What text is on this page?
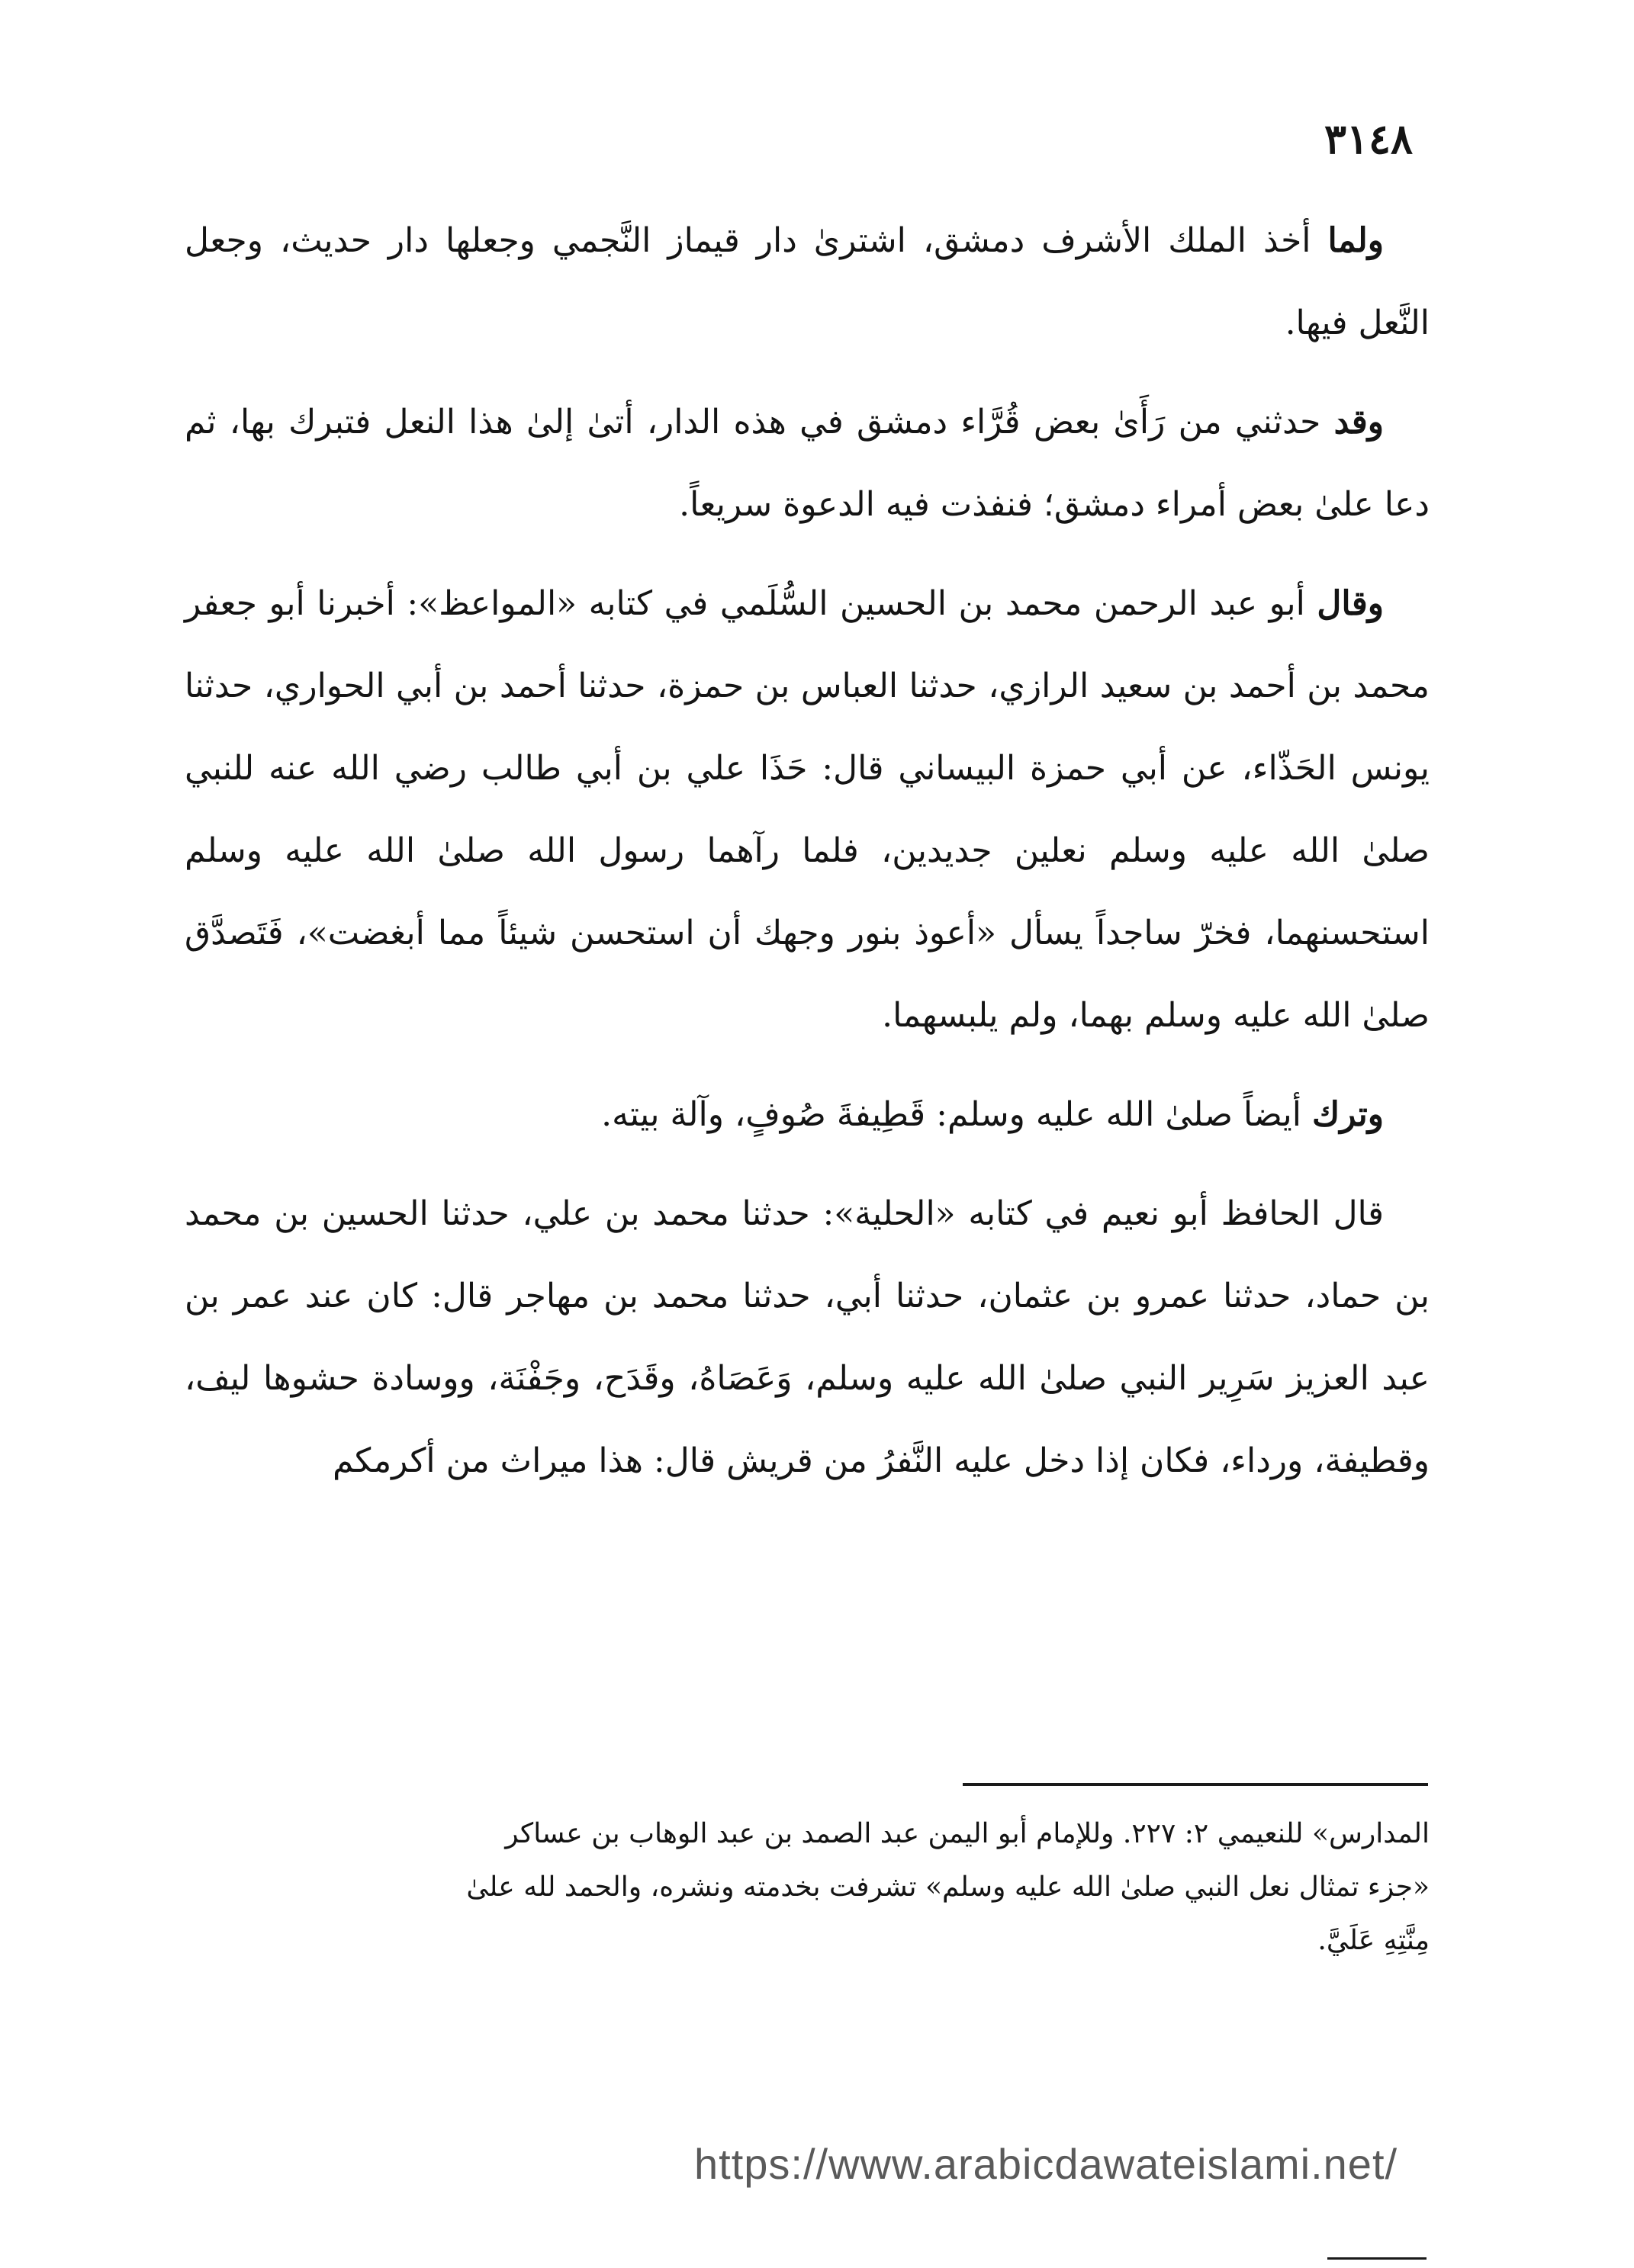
٣١٤٨

ولما أخذ الملك الأشرف دمشق، اشترىٰ دار قيماز النَّجمي وجعلها دار حديث، وجعل النَّعل فيها.

وقد حدثني من رَأَىٰ بعض قُرَّاء دمشق في هذه الدار، أتىٰ إلىٰ هذا النعل فتبرك بها، ثم دعا علىٰ بعض أمراء دمشق؛ فنفذت فيه الدعوة سريعاً.

وقال أبو عبد الرحمن محمد بن الحسين السُّلَمي في كتابه «المواعظ»: أخبرنا أبو جعفر محمد بن أحمد بن سعيد الرازي، حدثنا العباس بن حمزة، حدثنا أحمد بن أبي الحواري، حدثنا يونس الحَذّاء، عن أبي حمزة البيساني قال: حَذَا علي بن أبي طالب رضي الله عنه للنبي صلىٰ الله عليه وسلم نعلين جديدين، فلما رآهما رسول الله صلىٰ الله عليه وسلم استحسنهما، فخرّ ساجداً يسأل «أعوذ بنور وجهك أن استحسن شيئاً مما أبغضت»، فَتَصدَّق صلىٰ الله عليه وسلم بهما، ولم يلبسهما.

وترك أيضاً صلىٰ الله عليه وسلم: قَطِيفةَ صُوفٍ، وآلة بيته.

قال الحافظ أبو نعيم في كتابه «الحلية»: حدثنا محمد بن علي، حدثنا الحسين بن محمد بن حماد، حدثنا عمرو بن عثمان، حدثنا أبي، حدثنا محمد بن مهاجر قال: كان عند عمر بن عبد العزيز سَرِير النبي صلىٰ الله عليه وسلم، وَعَصَاهُ، وقَدَح، وجَفْنَة، ووسادة حشوها ليف، وقطيفة، ورداء، فكان إذا دخل عليه النَّفرُ من قريش قال: هذا ميراث من أكرمكم

المدارس» للنعيمي ٢: ٢٢٧. وللإمام أبو اليمن عبد الصمد بن عبد الوهاب بن عساكر

«جزء تمثال نعل النبي صلىٰ الله عليه وسلم» تشرفت بخدمته ونشره، والحمد لله علىٰ

مِنَّتِهِ عَلَيَّ.

https://www.arabicdawateislami.net/
